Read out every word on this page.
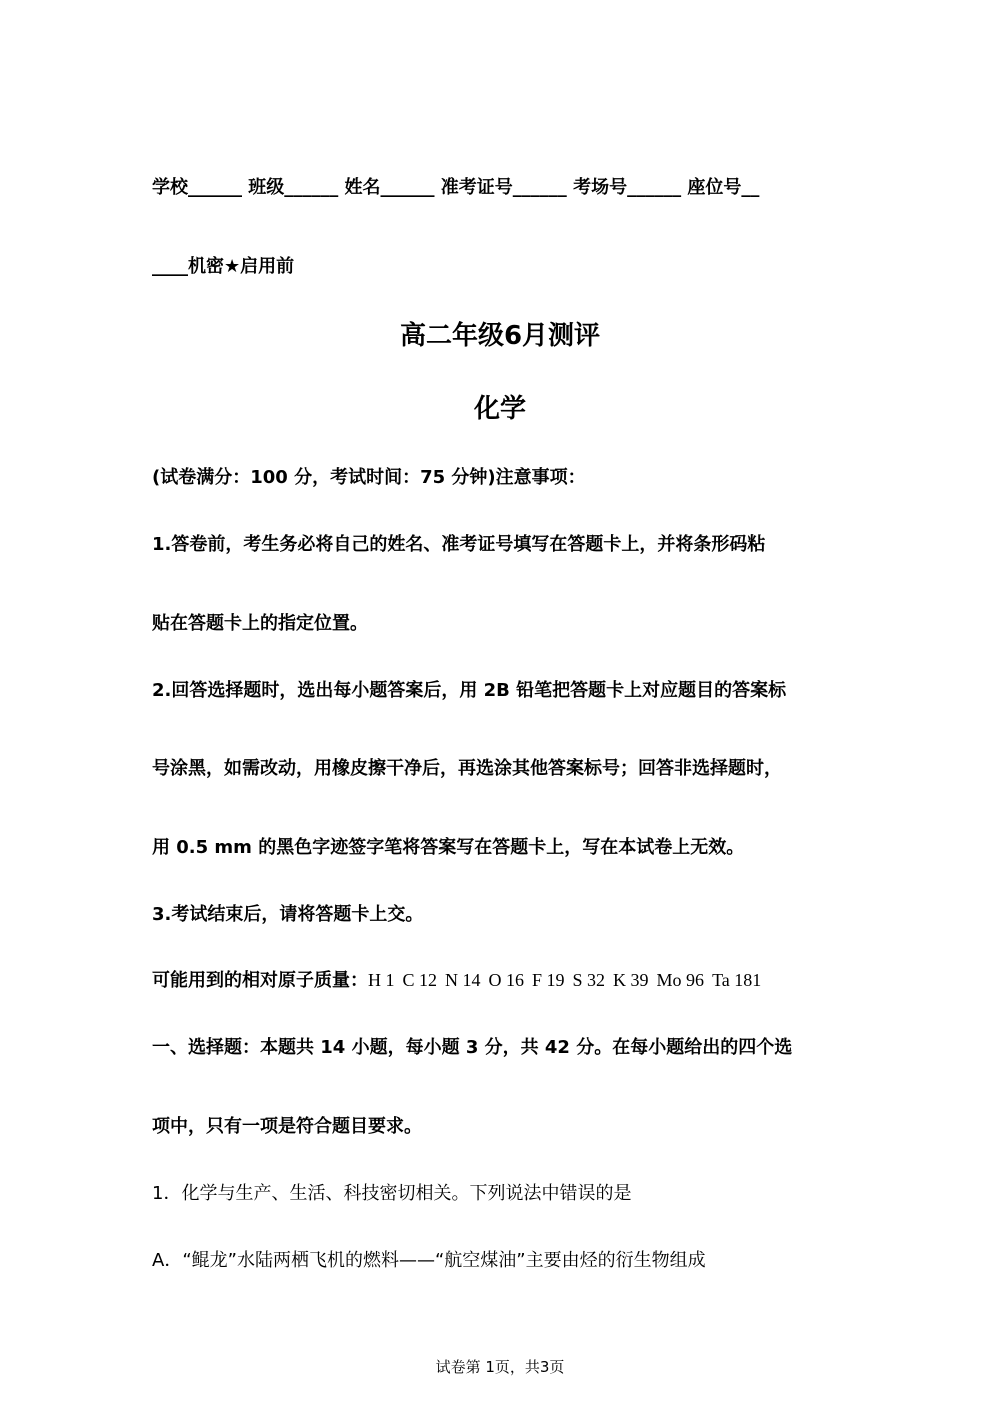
学校______ 班级______ 姓名______ 准考证号______ 考场号______ 座位号__
____机密★启用前
高二年级6月测评
化学
(试卷满分：100 分，考试时间：75 分钟)注意事项：
1.答卷前，考生务必将自己的姓名、准考证号填写在答题卡上，并将条形码粘
贴在答题卡上的指定位置。
2.回答选择题时，选出每小题答案后，用 2B 铅笔把答题卡上对应题目的答案标
号涂黑，如需改动，用橡皮擦干净后，再选涂其他答案标号；回答非选择题时，
用 0.5 mm 的黑色字迹签字笔将答案写在答题卡上，写在本试卷上无效。
3.考试结束后，请将答题卡上交。
可能用到的相对原子质量：H 1 C 12 N 14 O 16 F 19 S 32 K 39 Mo 96 Ta 181
一、选择题：本题共 14 小题，每小题 3 分，共 42 分。在每小题给出的四个选
项中，只有一项是符合题目要求。
1．化学与生产、生活、科技密切相关。下列说法中错误的是
A．“鲲龙”水陆两栖飞机的燃料——“航空煤油”主要由烃的衍生物组成
试卷第 1页，共3页
